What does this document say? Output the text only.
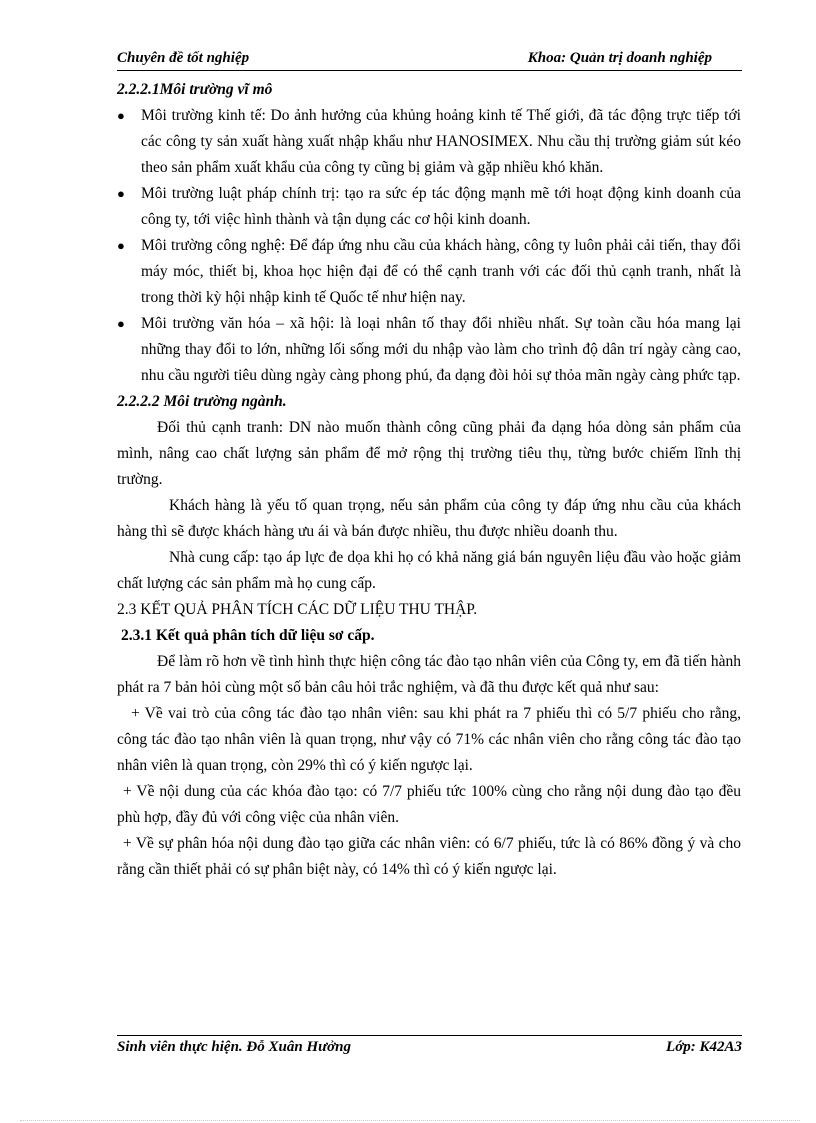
Chuyên đề tốt nghiệp	Khoa: Quản trị doanh nghiệp
2.2.2.1Môi trường vĩ mô
● Môi trường kinh tế: Do ảnh hưởng của khủng hoảng kinh tế Thế giới, đã tác động trực tiếp tới các công ty sản xuất hàng xuất nhập khẩu như HANOSIMEX. Nhu cầu thị trường giảm sút kéo theo sản phẩm xuất khẩu của công ty cũng bị giảm và gặp nhiều khó khăn.
● Môi trường luật pháp chính trị: tạo ra sức ép tác động mạnh mẽ tới hoạt động kinh doanh của công ty, tới việc hình thành và tận dụng các cơ hội kinh doanh.
● Môi trường công nghệ: Để đáp ứng nhu cầu của khách hàng, công ty luôn phải cải tiến, thay đổi máy móc, thiết bị, khoa học hiện đại để có thể cạnh tranh với các đối thủ cạnh tranh, nhất là trong thời kỳ hội nhập kinh tế Quốc tế như hiện nay.
● Môi trường văn hóa – xã hội: là loại nhân tố thay đổi nhiều nhất. Sự toàn cầu hóa mang lại những thay đổi to lớn, những lối sống mới du nhập vào làm cho trình độ dân trí ngày càng cao, nhu cầu người tiêu dùng ngày càng phong phú, đa dạng đòi hỏi sự thỏa mãn ngày càng phức tạp.
2.2.2.2 Môi trường ngành.

Đối thủ cạnh tranh: DN nào muốn thành công cũng phải đa dạng hóa dòng sản phẩm của mình, nâng cao chất lượng sản phẩm để mở rộng thị trường tiêu thụ, từng bước chiếm lĩnh thị trường.

Khách hàng là yếu tố quan trọng, nếu sản phẩm của công ty đáp ứng nhu cầu của khách hàng thì sẽ được khách hàng ưu ái và bán được nhiều, thu được nhiều doanh thu.

Nhà cung cấp: tạo áp lực đe dọa khi họ có khả năng giá bán nguyên liệu đầu vào hoặc giảm chất lượng các sản phẩm mà họ cung cấp.

2.3 KẾT QUẢ PHÂN TÍCH CÁC DỮ LIỆU THU THẬP.
2.3.1 Kết quả phân tích dữ liệu sơ cấp.

Để làm rõ hơn về tình hình thực hiện công tác đào tạo nhân viên của Công ty, em đã tiến hành phát ra 7 bản hỏi cùng một số bản câu hỏi trắc nghiệm, và đã thu được kết quả như sau:

+ Về vai trò của công tác đào tạo nhân viên: sau khi phát ra 7 phiếu thì có 5/7 phiếu cho rằng, công tác đào tạo nhân viên là quan trọng, như vậy có 71% các nhân viên cho rằng công tác đào tạo nhân viên là quan trọng, còn 29% thì có ý kiến ngược lại.

+ Về nội dung của các khóa đào tạo: có 7/7 phiếu tức 100% cùng cho rằng nội dung đào tạo đều phù hợp, đầy đủ với công việc của nhân viên.

+ Về sự phân hóa nội dung đào tạo giữa các nhân viên: có 6/7 phiếu, tức là có 86% đồng ý và cho rằng cần thiết phải có sự phân biệt này, có 14% thì có ý kiến ngược lại.

Sinh viên thực hiện. Đỗ Xuân Hưởng	Lớp: K42A3
